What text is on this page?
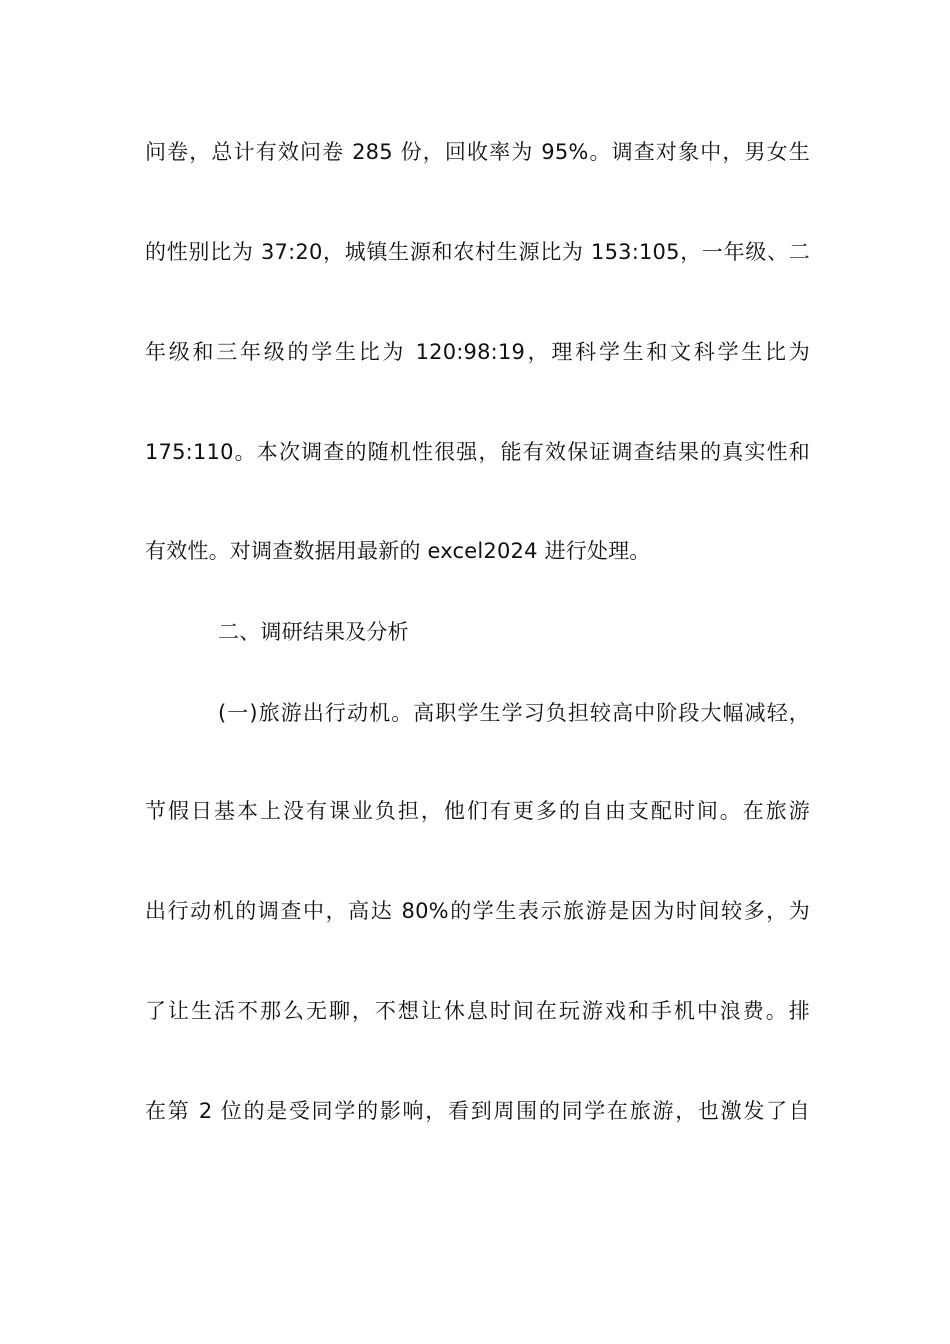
问卷，总计有效问卷 285 份，回收率为 95%。调查对象中，男女生
的性别比为 37:20，城镇生源和农村生源比为 153:105，一年级、二
年级和三年级的学生比为 120:98:19，理科学生和文科学生比为
175:110。本次调查的随机性很强，能有效保证调查结果的真实性和
有效性。对调查数据用最新的 excel2024 进行处理。
二、调研结果及分析
(一)旅游出行动机。高职学生学习负担较高中阶段大幅减轻，
节假日基本上没有课业负担，他们有更多的自由支配时间。在旅游
出行动机的调查中，高达 80%的学生表示旅游是因为时间较多，为
了让生活不那么无聊，不想让休息时间在玩游戏和手机中浪费。排
在第 2 位的是受同学的影响，看到周围的同学在旅游，也激发了自
